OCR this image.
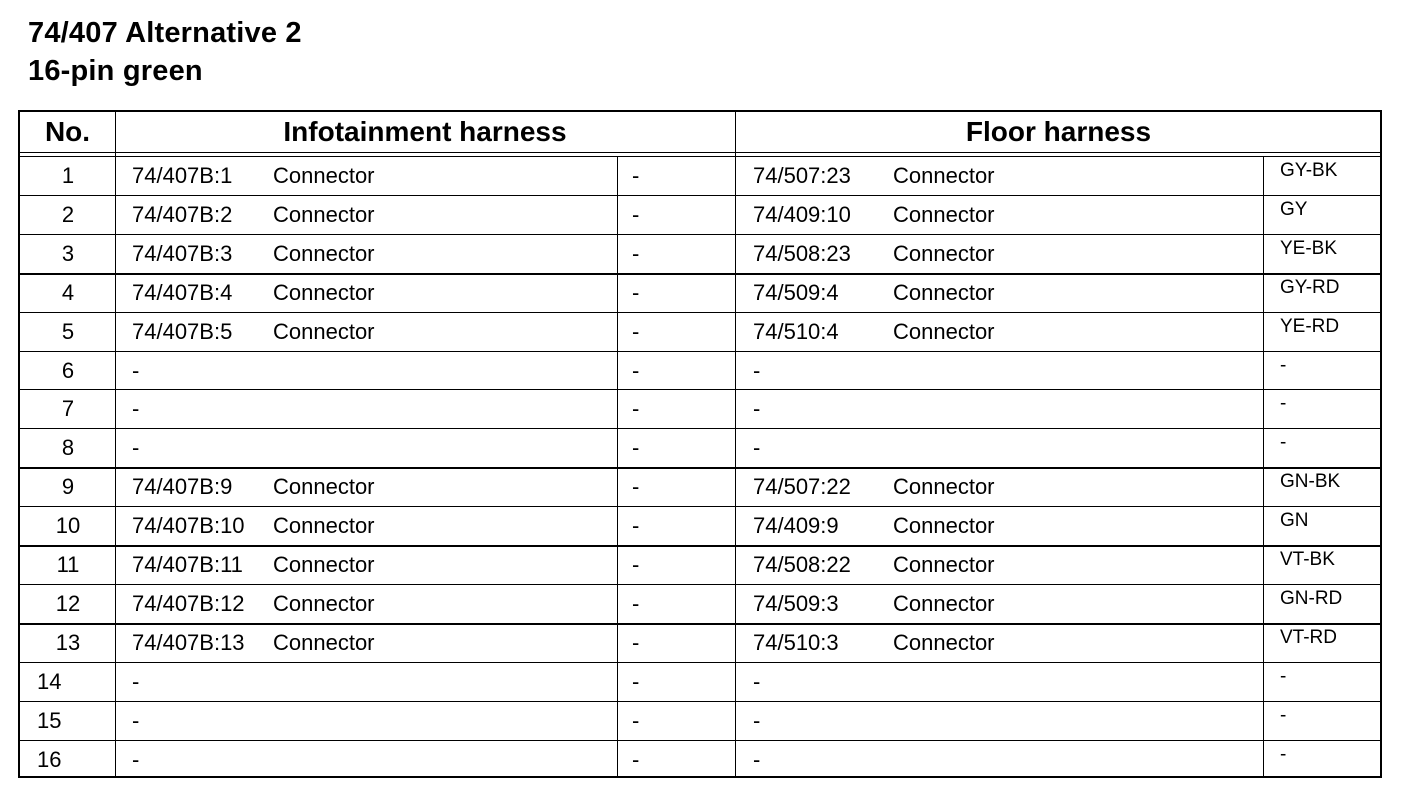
74/407 Alternative 2
16-pin green
No.	Infotainment harness	Floor harness
1	74/407B:1 Connector	-	74/507:23 Connector	GY-BK
2	74/407B:2 Connector	-	74/409:10 Connector	GY
3	74/407B:3 Connector	-	74/508:23 Connector	YE-BK
4	74/407B:4 Connector	-	74/509:4 Connector	GY-RD
5	74/407B:5 Connector	-	74/510:4 Connector	YE-RD
6	-	-	-	-
7	-	-	-	-
8	-	-	-	-
9	74/407B:9 Connector	-	74/507:22 Connector	GN-BK
10	74/407B:10 Connector	-	74/409:9 Connector	GN
11	74/407B:11 Connector	-	74/508:22 Connector	VT-BK
12	74/407B:12 Connector	-	74/509:3 Connector	GN-RD
13	74/407B:13 Connector	-	74/510:3 Connector	VT-RD
14	-	-	-	-
15	-	-	-	-
16	-	-	-	-
